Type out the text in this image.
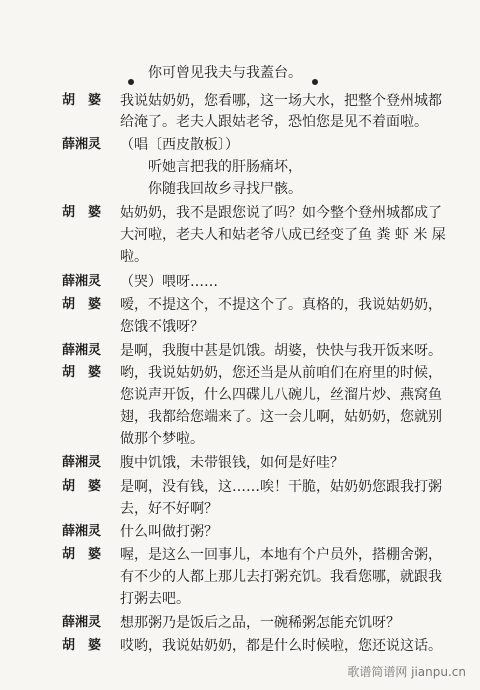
你可曾见我夫与我蓋台。
胡　婆	我说姑奶奶，您看哪，这一场大水，把整个登州城都
给淹了。老夫人跟姑老爷，恐怕您是见不着面啦。
薛湘灵	（唱〔西皮散板〕）
听她言把我的肝肠痛坏，
你随我回故乡寻找尸骸。
胡　婆	姑奶奶，我不是跟您说了吗？如今整个登州城都成了
大河啦，老夫人和姑老爷八成已经变了鱼 粪 虾 米 屎
啦。
薛湘灵	（哭）喂呀……
胡　婆	嗳，不提这个，不提这个了。真格的，我说姑奶奶，
您饿不饿呀？
薛湘灵	是啊，我腹中甚是饥饿。胡婆，快快与我开饭来呀。
胡　婆	哟，我说姑奶奶，您还当是从前咱们在府里的时候，
您说声开饭，什么四碟儿八碗儿，丝溜片炒、燕窝鱼
翅，我都给您端来了。这一会儿啊，姑奶奶，您就别
做那个梦啦。
薛湘灵	腹中饥饿，未带银钱，如何是好哇？
胡　婆	是啊，没有钱，这……唉！干脆，姑奶奶您跟我打粥
去，好不好啊？
薛湘灵	什么叫做打粥？
胡　婆	喔，是这么一回事儿，本地有个户员外，搭棚舍粥，
有不少的人都上那儿去打粥充饥。我看您哪，就跟我
打粥去吧。
薛湘灵	想那粥乃是饭后之品，一碗稀粥怎能充饥呀？
胡　婆	哎哟，我说姑奶奶，都是什么时候啦，您还说这话。
歌谱简谱网 jianpu.cn
